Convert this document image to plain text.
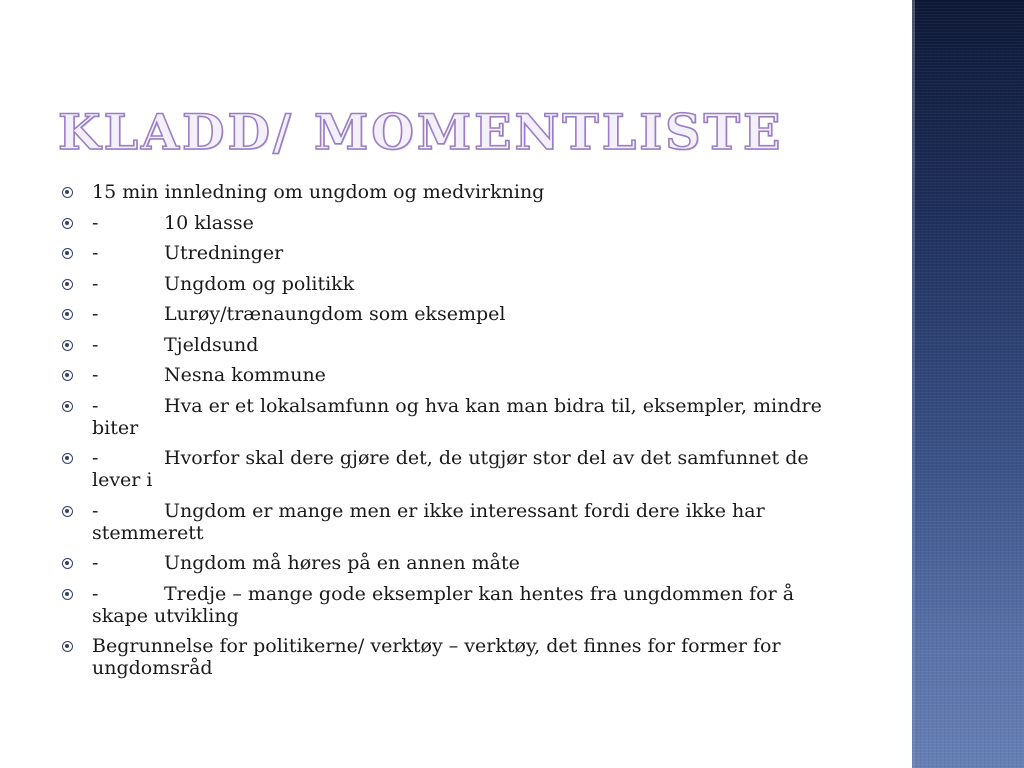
KLADD/ MOMENTLISTE
15 min innledning om ungdom og medvirkning
-	10 klasse
-	Utredninger
-	Ungdom og politikk
-	Lurøy/trænaungdom som eksempel
-	Tjeldsund
-	Nesna kommune
-	Hva er et lokalsamfunn og hva kan man bidra til, eksempler, mindre biter
-	Hvorfor skal dere gjøre det, de utgjør stor del av det samfunnet de lever i
-	Ungdom er mange men er ikke interessant fordi dere ikke har stemmerett
-	Ungdom må høres på en annen måte
-	Tredje – mange gode eksempler kan hentes fra ungdommen for å skape utvikling
Begrunnelse for politikerne/ verktøy – verktøy, det finnes for former for ungdomsråd
